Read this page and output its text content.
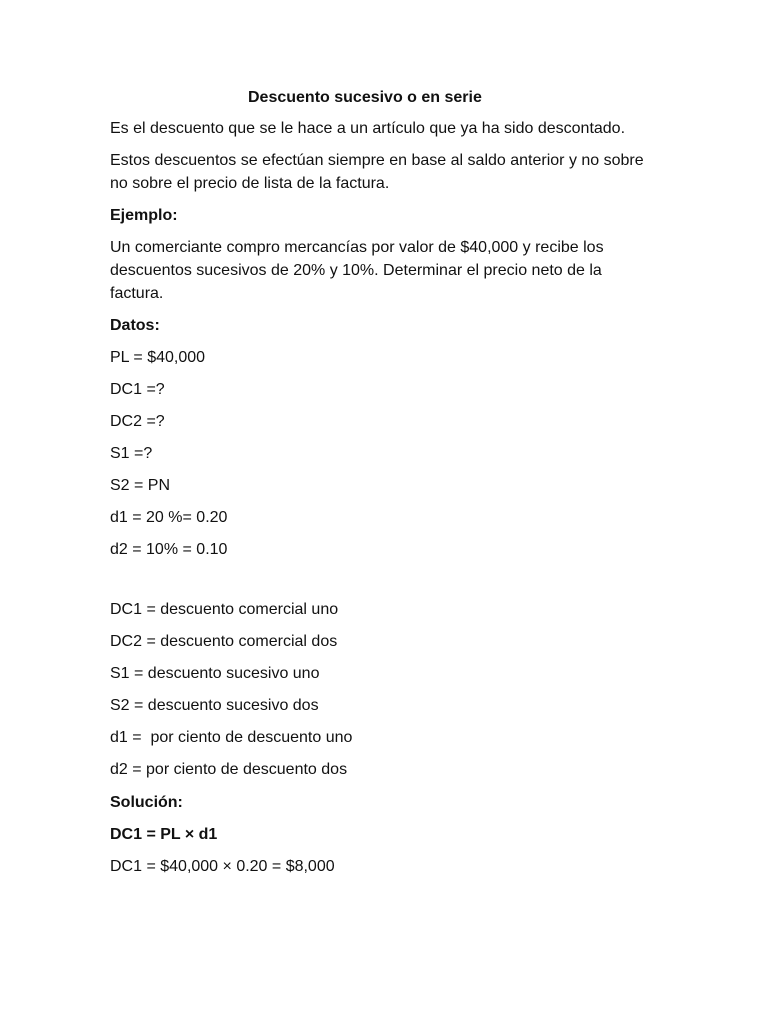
Descuento sucesivo o en serie
Es el descuento que se le hace a un artículo que ya ha sido descontado.
Estos descuentos se efectúan siempre en base al saldo anterior y no sobre
no sobre el precio de lista de la factura.
Ejemplo:
Un comerciante compro mercancías por valor de $40,000 y recibe los
descuentos sucesivos de 20% y 10%. Determinar el precio neto de la
factura.
Datos:
PL = $40,000
DC1 =?
DC2 =?
S1 =?
S2 = PN
d1 = 20 %= 0.20
d2 = 10% = 0.10
DC1 = descuento comercial uno
DC2 = descuento comercial dos
S1 = descuento sucesivo uno
S2 = descuento sucesivo dos
d1 =  por ciento de descuento uno
d2 = por ciento de descuento dos
Solución:
DC1 = PL × d1
DC1 = $40,000 × 0.20 = $8,000
